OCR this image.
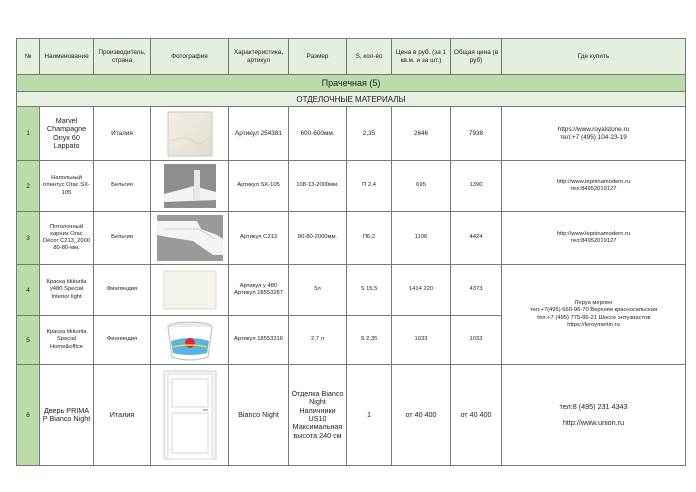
№	Наименование	Производитель, страна	Фотография	Характеристика, артикул	Размер	S, кол-во	Цена в руб. (за 1 кв.м. и за шт.)	Общая цена (в руб)	Где купить
Прачечная (5)									
ОТДЕЛОЧНЫЕ МАТЕРИАЛЫ									
1	Marvel Champagne Onyx 60 Lappato	Италия		Артикул 254381	600-600мм.	2,35	2646	7938	https://www.royalstone.ru
тел:+7 (495) 104-23-19

2	Напольный плинтус Orac SX-105	Бельгия		Артикул SX-105	108-13-2000мм.	П 2,4	695	1390	http://www.lepninamodern.ru
тел:84952019127

3	Потолочный карниз Orac Décor C213_2000 80-80-мм.	Бельгия		Артикул C213	80-80-2000мм.	П6,2	1106	4424	http://www.lepninamodern.ru
тел:84952019127

4	Краска tikkurila у480 Special Interior light	Финляндия		Артикул у 480 Артикул 18553287	5л	S 15,5	1414 220	4373	Леруа мерлен
тел:+7(495) 660-96-70 Верхняя красносельская
тел:+7 (495) 775-86-21 Шоссе энтузиастов
https://leroymerlin.ru

5	Краска tikkurila Special Home&office	Финляндия		Артикул 18553316	2,7 л	S 2,35	1033	1033	
6	Дверь PRIMA P Bianco Night	Италия		Bianco Night	Отделка Bianco Night Наличники US10 Максимальная высота 240 см	1	от 40 400	от 40 400	тел:8 (495) 231 4343
http://www.union.ru
